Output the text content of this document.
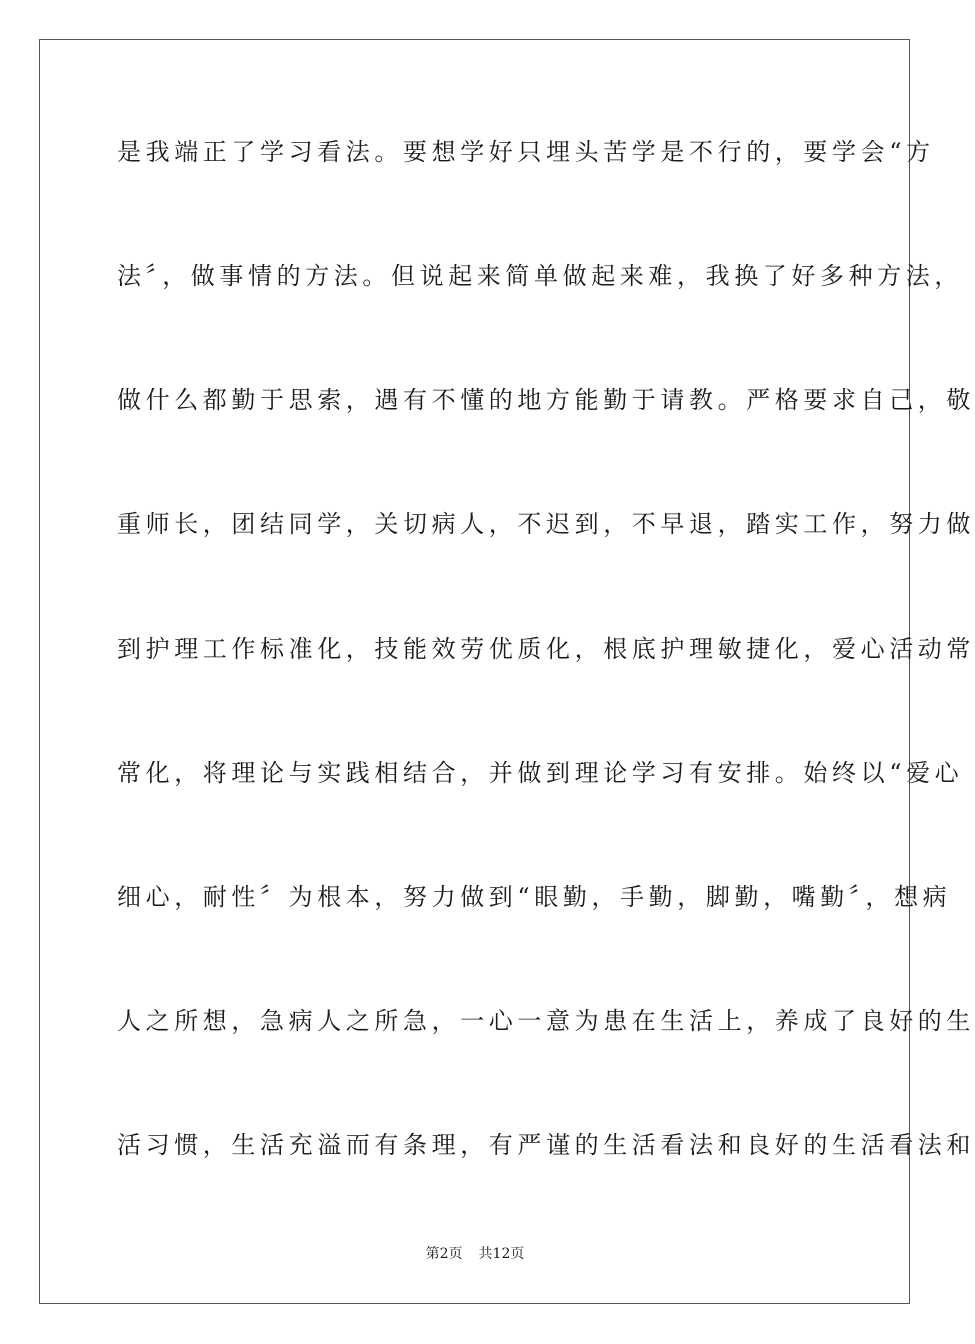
是我端正了学习看法。要想学好只埋头苦学是不行的，要学会“方
法〞，做事情的方法。但说起来简单做起来难，我换了好多种方法，
做什么都勤于思索，遇有不懂的地方能勤于请教。严格要求自己，敬
重师长，团结同学，关切病人，不迟到，不早退，踏实工作，努力做
到护理工作标准化，技能效劳优质化，根底护理敏捷化，爱心活动常
常化，将理论与实践相结合，并做到理论学习有安排。始终以“爱心
细心，耐性〞为根本，努力做到“眼勤，手勤，脚勤，嘴勤〞，想病
人之所想，急病人之所急，一心一意为患在生活上，养成了良好的生
活习惯，生活充溢而有条理，有严谨的生活看法和良好的生活看法和
第2页 共12页
